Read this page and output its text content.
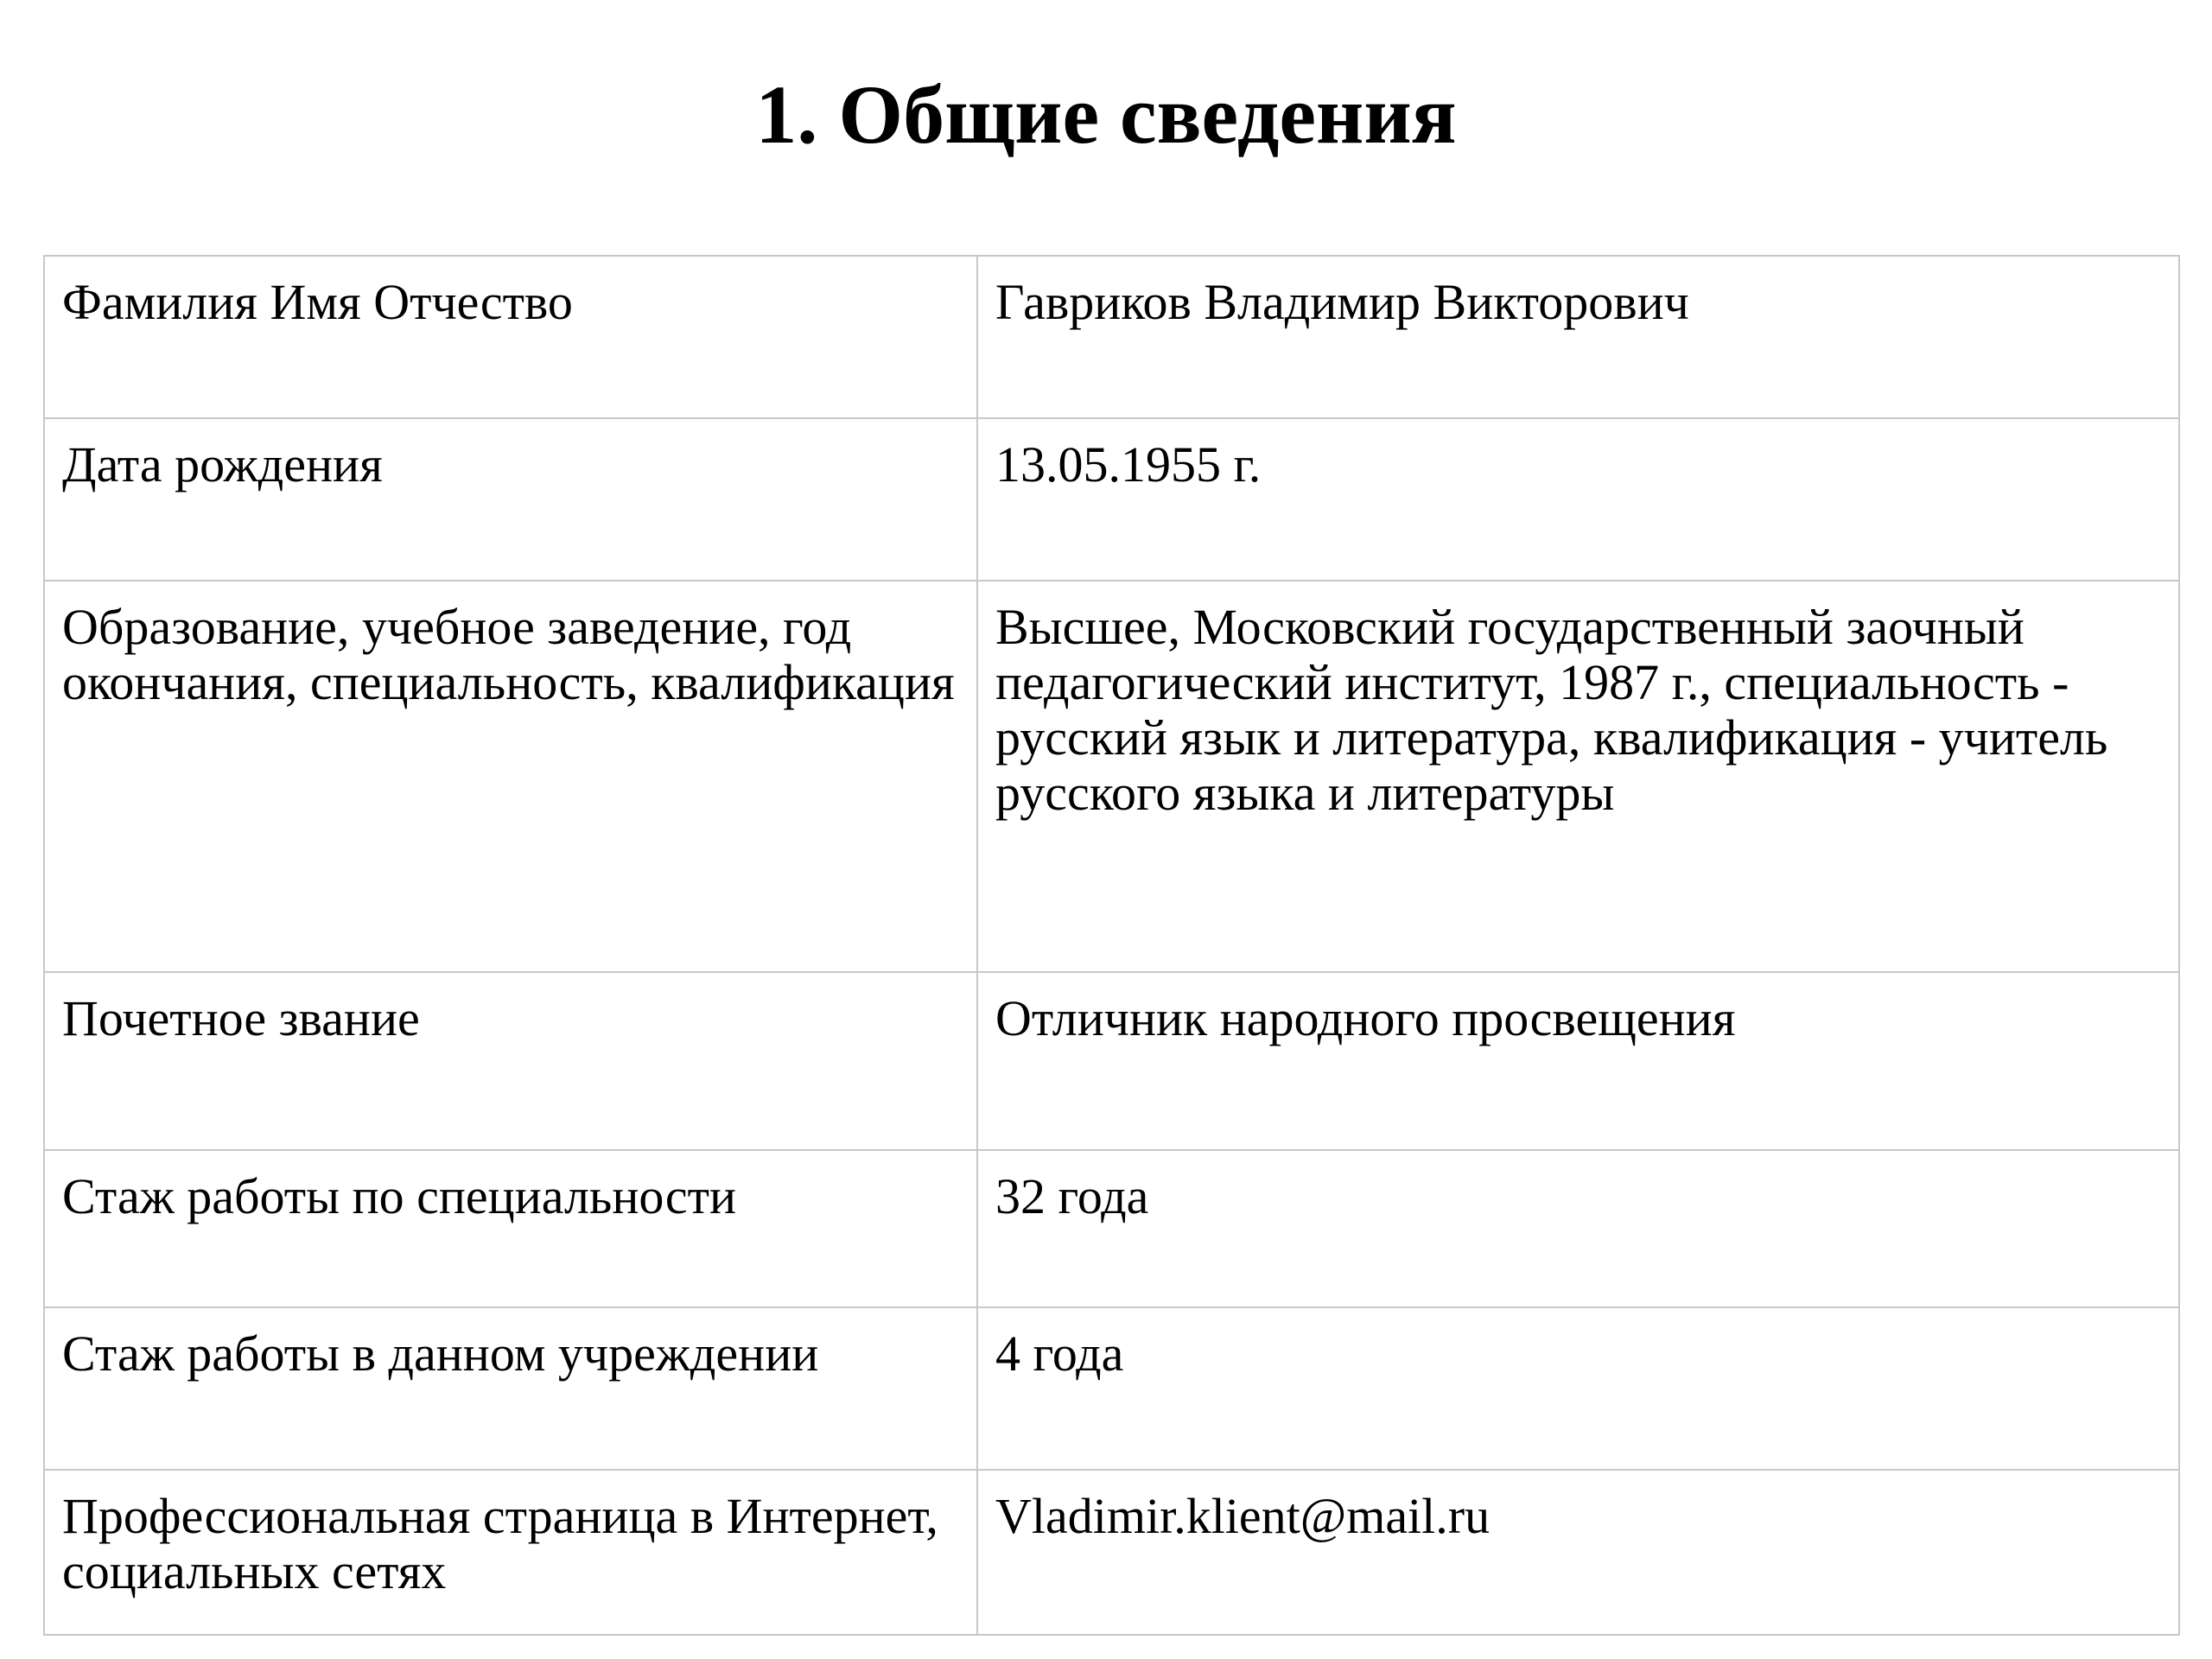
1. Общие сведения
Фамилия Имя Отчество	Гавриков Владимир Викторович
Дата рождения	13.05.1955 г.
Образование, учебное заведение, год окончания, специальность, квалификация	Высшее, Московский государственный заочный педагогический институт, 1987 г., специальность - русский язык и литература, квалификация - учитель русского языка и литературы
Почетное звание	Отличник народного просвещения
Стаж работы по специальности	32 года
Стаж работы в данном учреждении	4 года
Профессиональная страница в Интернет, социальных сетях	Vladimir.klient@mail.ru
